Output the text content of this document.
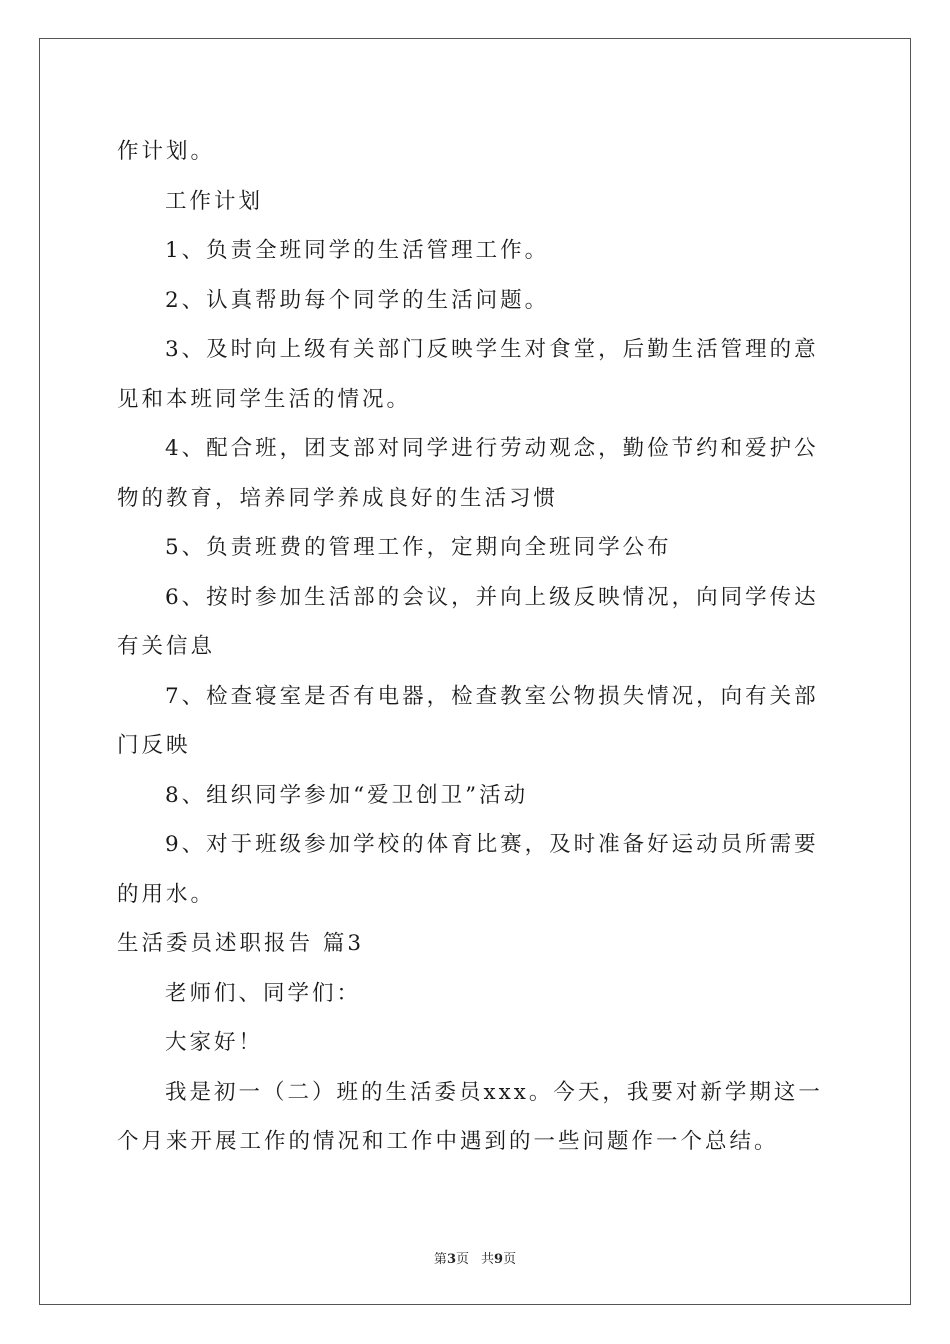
作计划。

工作计划

1、负责全班同学的生活管理工作。

2、认真帮助每个同学的生活问题。

3、及时向上级有关部门反映学生对食堂，后勤生活管理的意见和本班同学生活的情况。

4、配合班，团支部对同学进行劳动观念，勤俭节约和爱护公物的教育，培养同学养成良好的生活习惯

5、负责班费的管理工作，定期向全班同学公布

6、按时参加生活部的会议，并向上级反映情况，向同学传达有关信息

7、检查寝室是否有电器，检查教室公物损失情况，向有关部门反映

8、组织同学参加“爱卫创卫”活动

9、对于班级参加学校的体育比赛，及时准备好运动员所需要的用水。

生活委员述职报告 篇3

老师们、同学们：

大家好！

我是初一（二）班的生活委员xxx。今天，我要对新学期这一个月来开展工作的情况和工作中遇到的一些问题作一个总结。

第3页 共9页
